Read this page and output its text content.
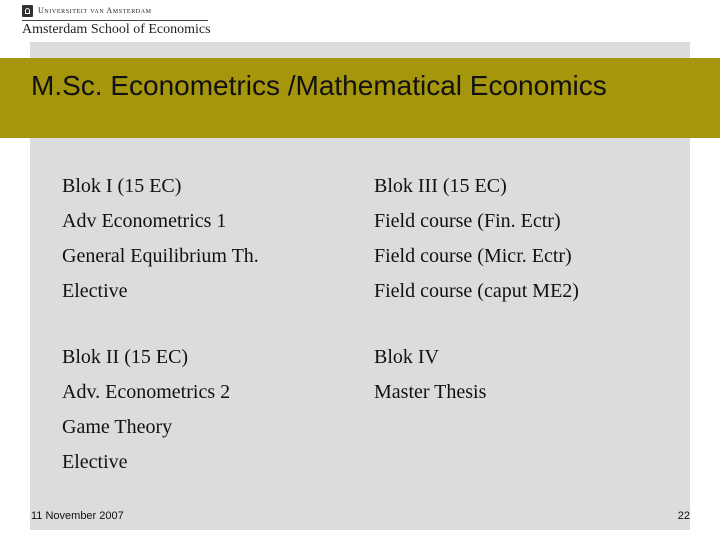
Universiteit van Amsterdam
Amsterdam School of Economics
M.Sc. Econometrics /Mathematical Economics
Blok I (15 EC)
Adv Econometrics 1
General Equilibrium Th.
Elective
Blok II (15 EC)
Adv. Econometrics 2
Game Theory
Elective
Blok III (15 EC)
Field course (Fin. Ectr)
Field course (Micr. Ectr)
Field course (caput ME2)
Blok IV
Master Thesis
11 November 2007	22
